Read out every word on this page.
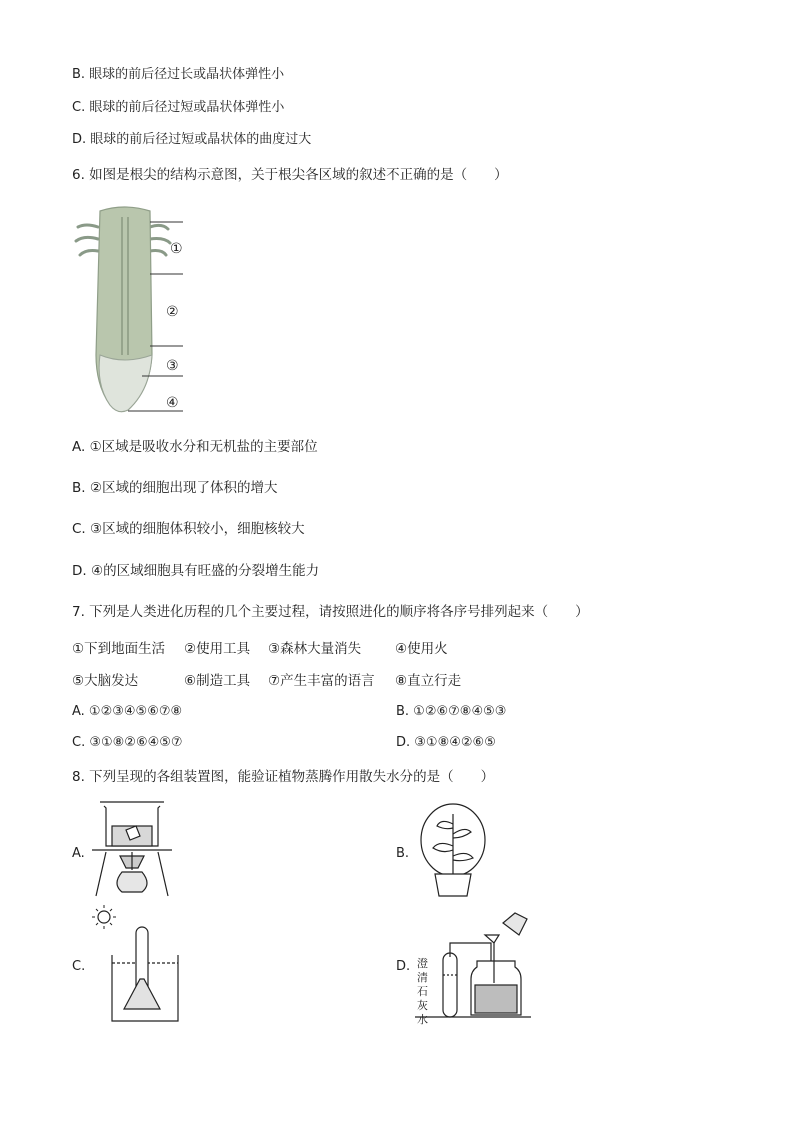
B. 眼球的前后径过长或晶状体弹性小
C. 眼球的前后径过短或晶状体弹性小
D. 眼球的前后径过短或晶状体的曲度过大
6. 如图是根尖的结构示意图，关于根尖各区域的叙述不正确的是（　　）
①
②
③
④
A. ①区域是吸收水分和无机盐的主要部位
B. ②区域的细胞出现了体积的增大
C. ③区域的细胞体积较小，细胞核较大
D. ④的区域细胞具有旺盛的分裂增生能力
7. 下列是人类进化历程的几个主要过程，请按照进化的顺序将各序号排列起来（　　）
①下到地面生活 ②使用工具 ③森林大量消失	④使用火
⑤大脑发达	⑥制造工具 ⑦产生丰富的语言 ⑧直立行走
A. ①②③④⑤⑥⑦⑧	B. ①②⑥⑦⑧④⑤③
C. ③①⑧②⑥④⑤⑦	D. ③①⑧④②⑥⑤
8. 下列呈现的各组装置图，能验证植物蒸腾作用散失水分的是（　　）
A.	B.
C.	D. 澄清石灰水
